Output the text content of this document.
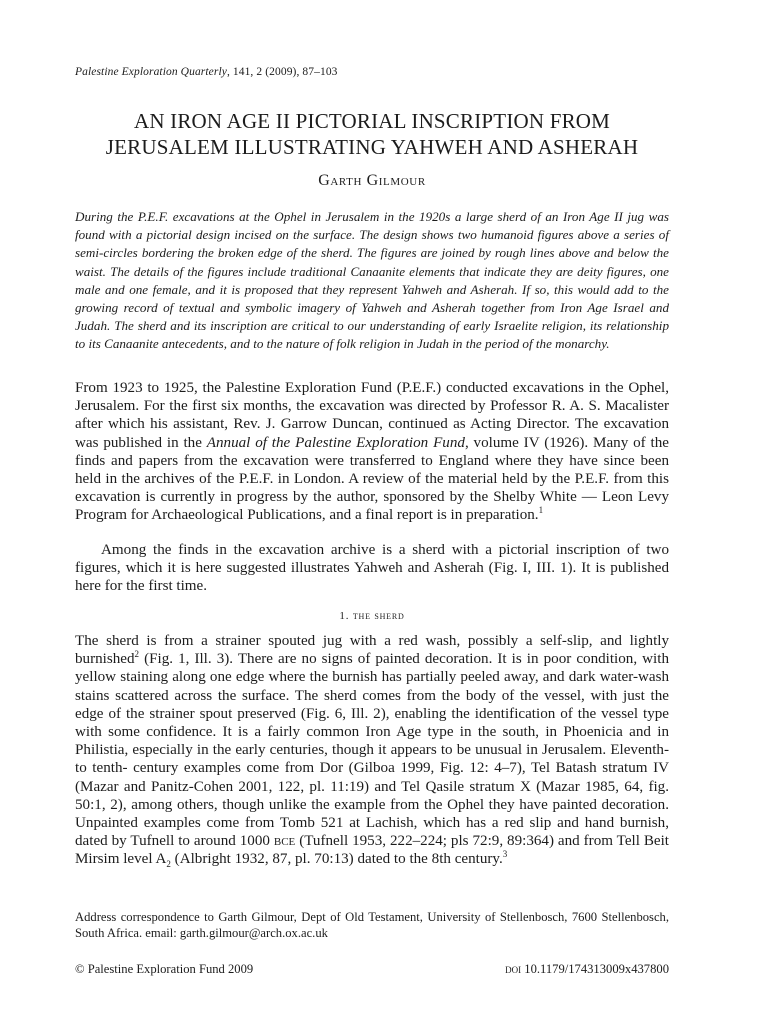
Palestine Exploration Quarterly, 141, 2 (2009), 87–103
AN IRON AGE II PICTORIAL INSCRIPTION FROM
JERUSALEM ILLUSTRATING YAHWEH AND ASHERAH
Garth Gilmour
During the P.E.F. excavations at the Ophel in Jerusalem in the 1920s a large sherd of an Iron Age II jug was found with a pictorial design incised on the surface. The design shows two humanoid figures above a series of semi-circles bordering the broken edge of the sherd. The figures are joined by rough lines above and below the waist. The details of the figures include traditional Canaanite elements that indicate they are deity figures, one male and one female, and it is proposed that they represent Yahweh and Asherah. If so, this would add to the growing record of textual and symbolic imagery of Yahweh and Asherah together from Iron Age Israel and Judah. The sherd and its inscription are critical to our understanding of early Israelite religion, its relationship to its Canaanite antecedents, and to the nature of folk religion in Judah in the period of the monarchy.
From 1923 to 1925, the Palestine Exploration Fund (P.E.F.) conducted excavations in the Ophel, Jerusalem. For the first six months, the excavation was directed by Professor R. A. S. Macalister after which his assistant, Rev. J. Garrow Duncan, continued as Acting Director. The excavation was published in the Annual of the Palestine Exploration Fund, volume IV (1926). Many of the finds and papers from the excavation were transferred to England where they have since been held in the archives of the P.E.F. in London. A review of the material held by the P.E.F. from this excavation is currently in progress by the author, sponsored by the Shelby White — Leon Levy Program for Archaeological Publications, and a final report is in preparation.$^1$
Among the finds in the excavation archive is a sherd with a pictorial inscription of two figures, which it is here suggested illustrates Yahweh and Asherah (Fig. I, III. 1). It is published here for the first time.
1. the sherd
The sherd is from a strainer spouted jug with a red wash, possibly a self-slip, and lightly burnished$^2$ (Fig. 1, Ill. 3). There are no signs of painted decoration. It is in poor condition, with yellow staining along one edge where the burnish has partially peeled away, and dark water-wash stains scattered across the surface. The sherd comes from the body of the vessel, with just the edge of the strainer spout preserved (Fig. 6, Ill. 2), enabling the identification of the vessel type with some confidence. It is a fairly common Iron Age type in the south, in Phoenicia and in Philistia, especially in the early centuries, though it appears to be unusual in Jerusalem. Eleventh- to tenth- century examples come from Dor (Gilboa 1999, Fig. 12: 4–7), Tel Batash stratum IV (Mazar and Panitz-Cohen 2001, 122, pl. 11:19) and Tel Qasile stratum X (Mazar 1985, 64, fig. 50:1, 2), among others, though unlike the example from the Ophel they have painted decoration. Unpainted examples come from Tomb 521 at Lachish, which has a red slip and hand burnish, dated by Tufnell to around 1000 bce (Tufnell 1953, 222–224; pls 72:9, 89:364) and from Tell Beit Mirsim level $A_2$ (Albright 1932, 87, pl. 70:13) dated to the 8th century.$^3$
Address correspondence to Garth Gilmour, Dept of Old Testament, University of Stellenbosch, 7600 Stellenbosch, South Africa. email: garth.gilmour@arch.ox.ac.uk
© Palestine Exploration Fund 2009	doi 10.1179/174313009x437800
